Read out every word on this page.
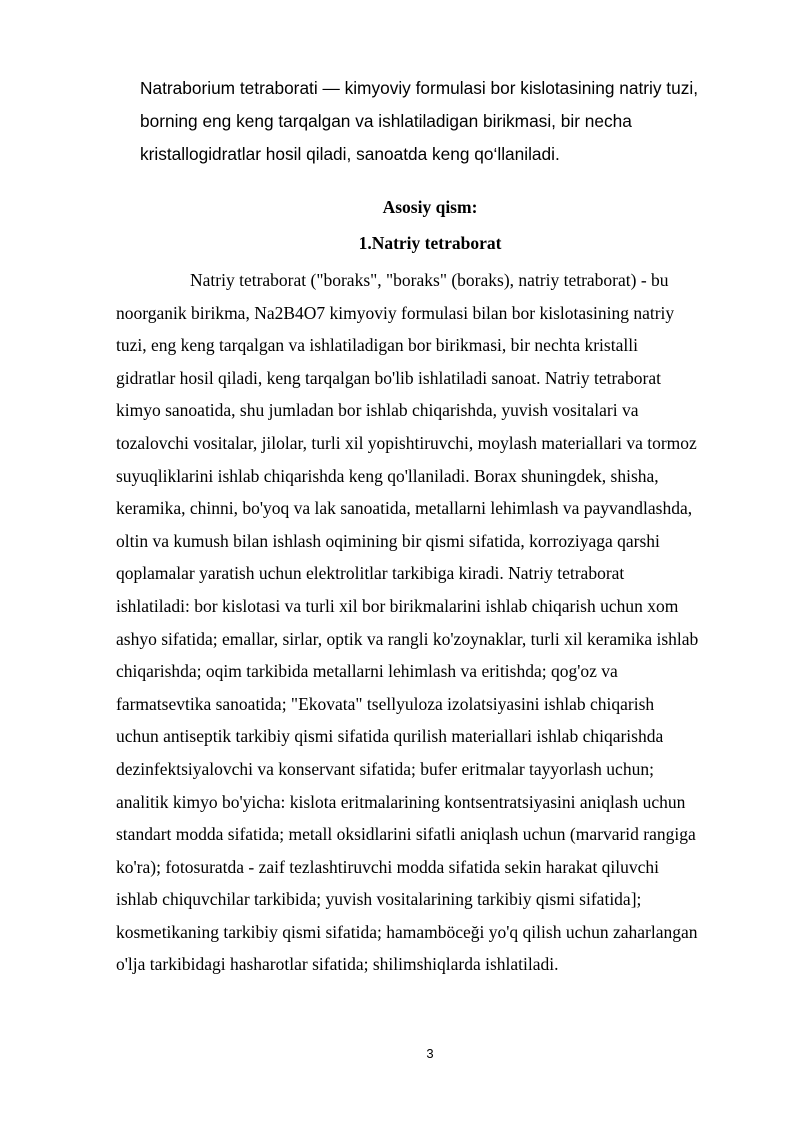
Natraborium tetraborati — kimyoviy formulasi bor kislotasining natriy tuzi,
borning eng keng tarqalgan va ishlatiladigan birikmasi, bir necha
kristallogidratlar hosil qiladi, sanoatda keng qo‘llaniladi.
Asosiy qism:
1.Natriy tetraborat
Natriy tetraborat ("boraks", "boraks" (boraks), natriy tetraborat) - bu
noorganik birikma, Na2B4O7 kimyoviy formulasi bilan bor kislotasining natriy
tuzi, eng keng tarqalgan va ishlatiladigan bor birikmasi, bir nechta kristalli
gidratlar hosil qiladi, keng tarqalgan bo'lib ishlatiladi sanoat. Natriy tetraborat
kimyo sanoatida, shu jumladan bor ishlab chiqarishda, yuvish vositalari va
tozalovchi vositalar, jilolar, turli xil yopishtiruvchi, moylash materiallari va tormoz
suyuqliklarini ishlab chiqarishda keng qo'llaniladi. Borax shuningdek, shisha,
keramika, chinni, bo'yoq va lak sanoatida, metallarni lehimlash va payvandlashda,
oltin va kumush bilan ishlash oqimining bir qismi sifatida, korroziyaga qarshi
qoplamalar yaratish uchun elektrolitlar tarkibiga kiradi. Natriy tetraborat
ishlatiladi: bor kislotasi va turli xil bor birikmalarini ishlab chiqarish uchun xom
ashyo sifatida; emallar, sirlar, optik va rangli ko'zoynaklar, turli xil keramika ishlab
chiqarishda; oqim tarkibida metallarni lehimlash va eritishda; qog'oz va
farmatsevtika sanoatida; "Ekovata" tsellyuloza izolatsiyasini ishlab chiqarish
uchun antiseptik tarkibiy qismi sifatida qurilish materiallari ishlab chiqarishda
dezinfektsiyalovchi va konservant sifatida; bufer eritmalar tayyorlash uchun;
analitik kimyo bo'yicha: kislota eritmalarining kontsentratsiyasini aniqlash uchun
standart modda sifatida; metall oksidlarini sifatli aniqlash uchun (marvarid rangiga
ko'ra); fotosuratda - zaif tezlashtiruvchi modda sifatida sekin harakat qiluvchi
ishlab chiquvchilar tarkibida; yuvish vositalarining tarkibiy qismi sifatida];
kosmetikaning tarkibiy qismi sifatida; hamamböceği yo'q qilish uchun zaharlangan
o'lja tarkibidagi hasharotlar sifatida; shilimshiqlarda ishlatiladi.
3
